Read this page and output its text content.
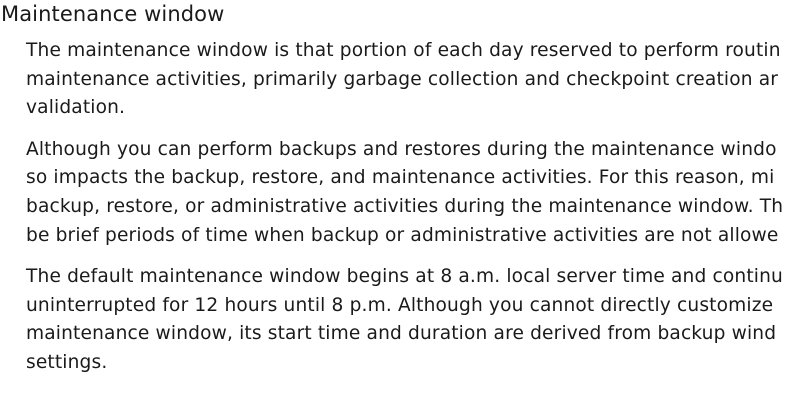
Maintenance window
The maintenance window is that portion of each day reserved to perform routin
maintenance activities, primarily garbage collection and checkpoint creation ar
validation.
Although you can perform backups and restores during the maintenance windo
so impacts the backup, restore, and maintenance activities. For this reason, mi
backup, restore, or administrative activities during the maintenance window. Th
be brief periods of time when backup or administrative activities are not allowe
The default maintenance window begins at 8 a.m. local server time and continu
uninterrupted for 12 hours until 8 p.m. Although you cannot directly customize
maintenance window, its start time and duration are derived from backup wind
settings.
